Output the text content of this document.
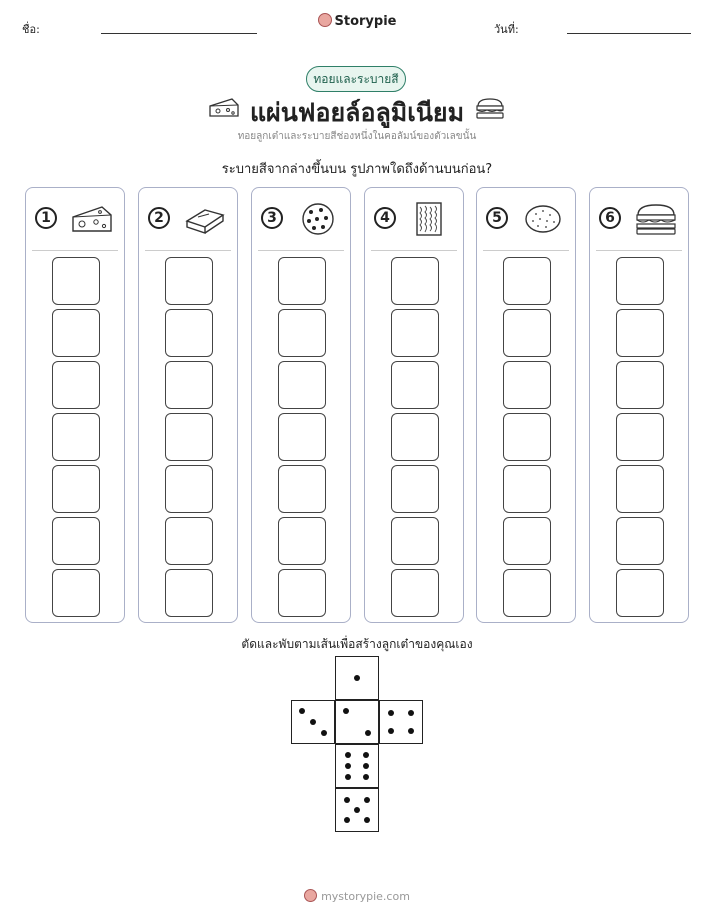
ชื่อ:
Storypie
วันที่:
ทอยและระบายสี
แผ่นฟอยล์อลูมิเนียม
ทอยลูกเต๋าและระบายสีช่องหนึ่งในคอลัมน์ของตัวเลขนั้น
ระบายสีจากล่างขึ้นบน รูปภาพใดถึงด้านบนก่อน?
1	2	3	4	5	6
ตัดและพับตามเส้นเพื่อสร้างลูกเต๋าของคุณเอง
mystorypie.com
